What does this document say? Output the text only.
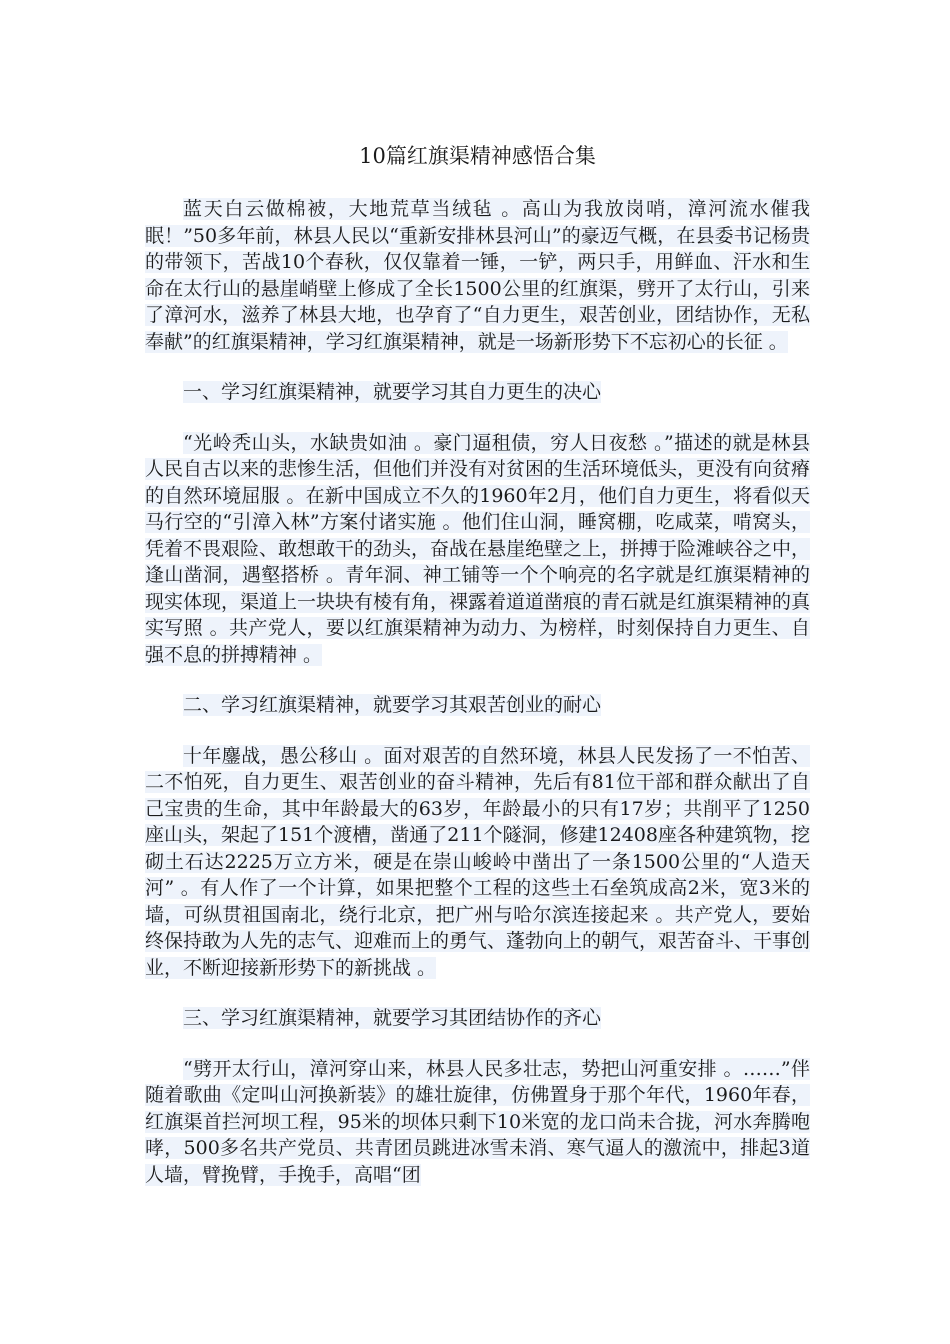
10篇红旗渠精神感悟合集

蓝天白云做棉被，大地荒草当绒毡 。高山为我放岗哨，漳河流水催我眠！”50多年前，林县人民以“重新安排林县河山”的豪迈气概，在县委书记杨贵的带领下，苦战10个春秋，仅仅靠着一锤，一铲，两只手，用鲜血、汗水和生命在太行山的悬崖峭壁上修成了全长1500公里的红旗渠，劈开了太行山，引来了漳河水，滋养了林县大地，也孕育了“自力更生，艰苦创业，团结协作，无私奉献”的红旗渠精神，学习红旗渠精神，就是一场新形势下不忘初心的长征 。

一、学习红旗渠精神，就要学习其自力更生的决心

“光岭秃山头，水缺贵如油 。豪门逼租债，穷人日夜愁 。”描述的就是林县人民自古以来的悲惨生活，但他们并没有对贫困的生活环境低头，更没有向贫瘠的自然环境屈服 。在新中国成立不久的1960年2月，他们自力更生，将看似天马行空的“引漳入林”方案付诸实施 。他们住山洞，睡窝棚，吃咸菜，啃窝头，凭着不畏艰险、敢想敢干的劲头，奋战在悬崖绝壁之上，拼搏于险滩峡谷之中，逢山凿洞，遇壑搭桥 。青年洞、神工铺等一个个响亮的名字就是红旗渠精神的现实体现，渠道上一块块有棱有角，裸露着道道凿痕的青石就是红旗渠精神的真实写照 。共产党人，要以红旗渠精神为动力、为榜样，时刻保持自力更生、自强不息的拼搏精神 。

二、学习红旗渠精神，就要学习其艰苦创业的耐心

十年鏖战，愚公移山 。面对艰苦的自然环境，林县人民发扬了一不怕苦、二不怕死，自力更生、艰苦创业的奋斗精神，先后有81位干部和群众献出了自己宝贵的生命，其中年龄最大的63岁，年龄最小的只有17岁；共削平了1250座山头，架起了151个渡槽，凿通了211个隧洞，修建12408座各种建筑物，挖砌土石达2225万立方米，硬是在崇山峻岭中凿出了一条1500公里的“人造天河” 。有人作了一个计算，如果把整个工程的这些土石垒筑成高2米，宽3米的墙，可纵贯祖国南北，绕行北京，把广州与哈尔滨连接起来 。共产党人，要始终保持敢为人先的志气、迎难而上的勇气、蓬勃向上的朝气，艰苦奋斗、干事创业，不断迎接新形势下的新挑战 。

三、学习红旗渠精神，就要学习其团结协作的齐心

“劈开太行山，漳河穿山来，林县人民多壮志，势把山河重安排 。……”伴随着歌曲《定叫山河换新装》的雄壮旋律，仿佛置身于那个年代，1960年春，红旗渠首拦河坝工程，95米的坝体只剩下10米宽的龙口尚未合拢，河水奔腾咆哮，500多名共产党员、共青团员跳进冰雪未消、寒气逼人的激流中，排起3道人墙，臂挽臂，手挽手，高唱“团
